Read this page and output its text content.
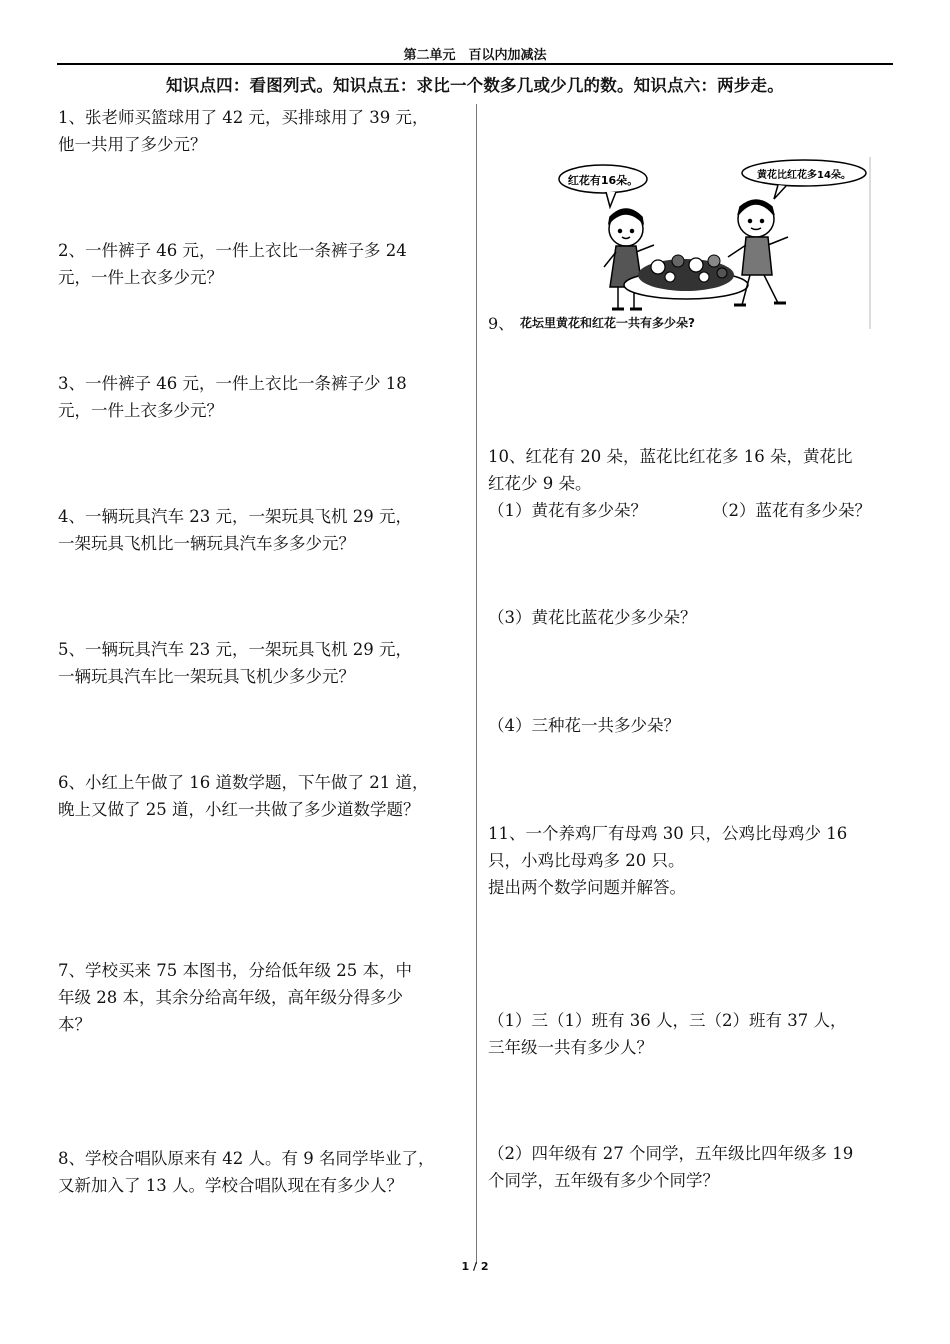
第二单元　百以内加减法
知识点四：看图列式。知识点五：求比一个数多几或少几的数。知识点六：两步走。
1、张老师买篮球用了 42 元，买排球用了 39 元，
他一共用了多少元？
2、一件裤子 46 元，一件上衣比一条裤子多 24
元，一件上衣多少元？
3、一件裤子 46 元，一件上衣比一条裤子少 18
元，一件上衣多少元？
4、一辆玩具汽车 23 元，一架玩具飞机 29 元，
一架玩具飞机比一辆玩具汽车多多少元？
5、一辆玩具汽车 23 元，一架玩具飞机 29 元，
一辆玩具汽车比一架玩具飞机少多少元？
6、小红上午做了 16 道数学题，下午做了 21 道，
晚上又做了 25 道，小红一共做了多少道数学题？
7、学校买来 75 本图书，分给低年级 25 本，中
年级 28 本，其余分给高年级，高年级分得多少
本？
8、学校合唱队原来有 42 人。有 9 名同学毕业了，
又新加入了 13 人。学校合唱队现在有多少人？
红花有16朵。	黄花比红花多14朵。
9、 花坛里黄花和红花一共有多少朵?
10、红花有 20 朵，蓝花比红花多 16 朵，黄花比
红花少 9 朵。
（1）黄花有多少朵？	（2）蓝花有多少朵？
（3）黄花比蓝花少多少朵？
（4）三种花一共多少朵？
11、一个养鸡厂有母鸡 30 只，公鸡比母鸡少 16
只，小鸡比母鸡多 20 只。
提出两个数学问题并解答。
（1）三（1）班有 36 人，三（2）班有 37 人，
三年级一共有多少人？
（2）四年级有 27 个同学，五年级比四年级多 19
个同学，五年级有多少个同学？
1 / 2
